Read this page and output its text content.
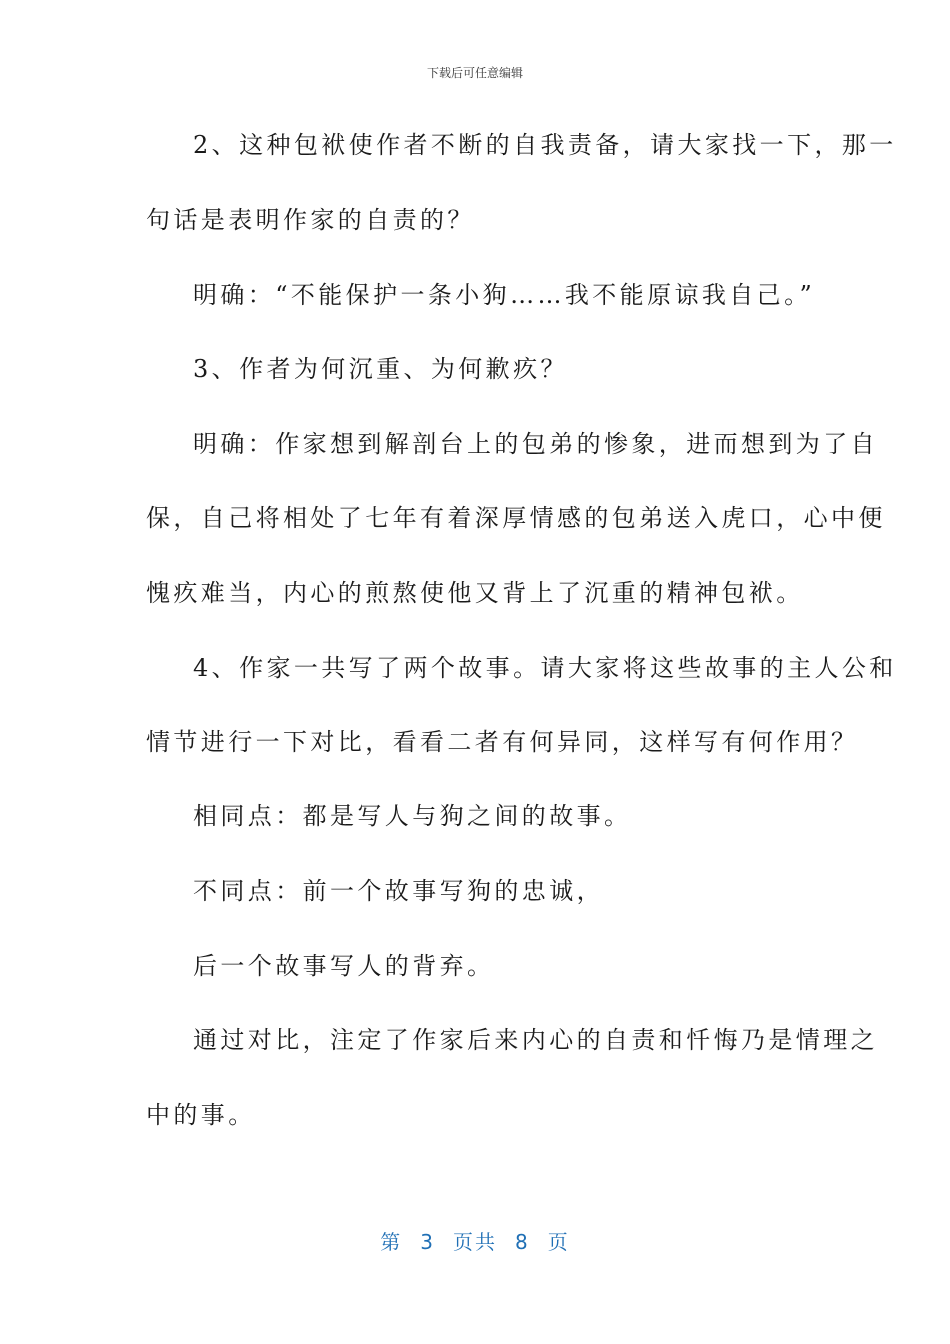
下载后可任意编辑
2、这种包袱使作者不断的自我责备，请大家找一下，那一
句话是表明作家的自责的？
明确：“不能保护一条小狗……我不能原谅我自己。”
3、作者为何沉重、为何歉疚？
明确：作家想到解剖台上的包弟的惨象，进而想到为了自
保，自己将相处了七年有着深厚情感的包弟送入虎口，心中便
愧疚难当，内心的煎熬使他又背上了沉重的精神包袱。
4、作家一共写了两个故事。请大家将这些故事的主人公和
情节进行一下对比，看看二者有何异同，这样写有何作用？
相同点：都是写人与狗之间的故事。
不同点：前一个故事写狗的忠诚，
后一个故事写人的背弃。
通过对比，注定了作家后来内心的自责和忏悔乃是情理之
中的事。
第 3 页共 8 页
